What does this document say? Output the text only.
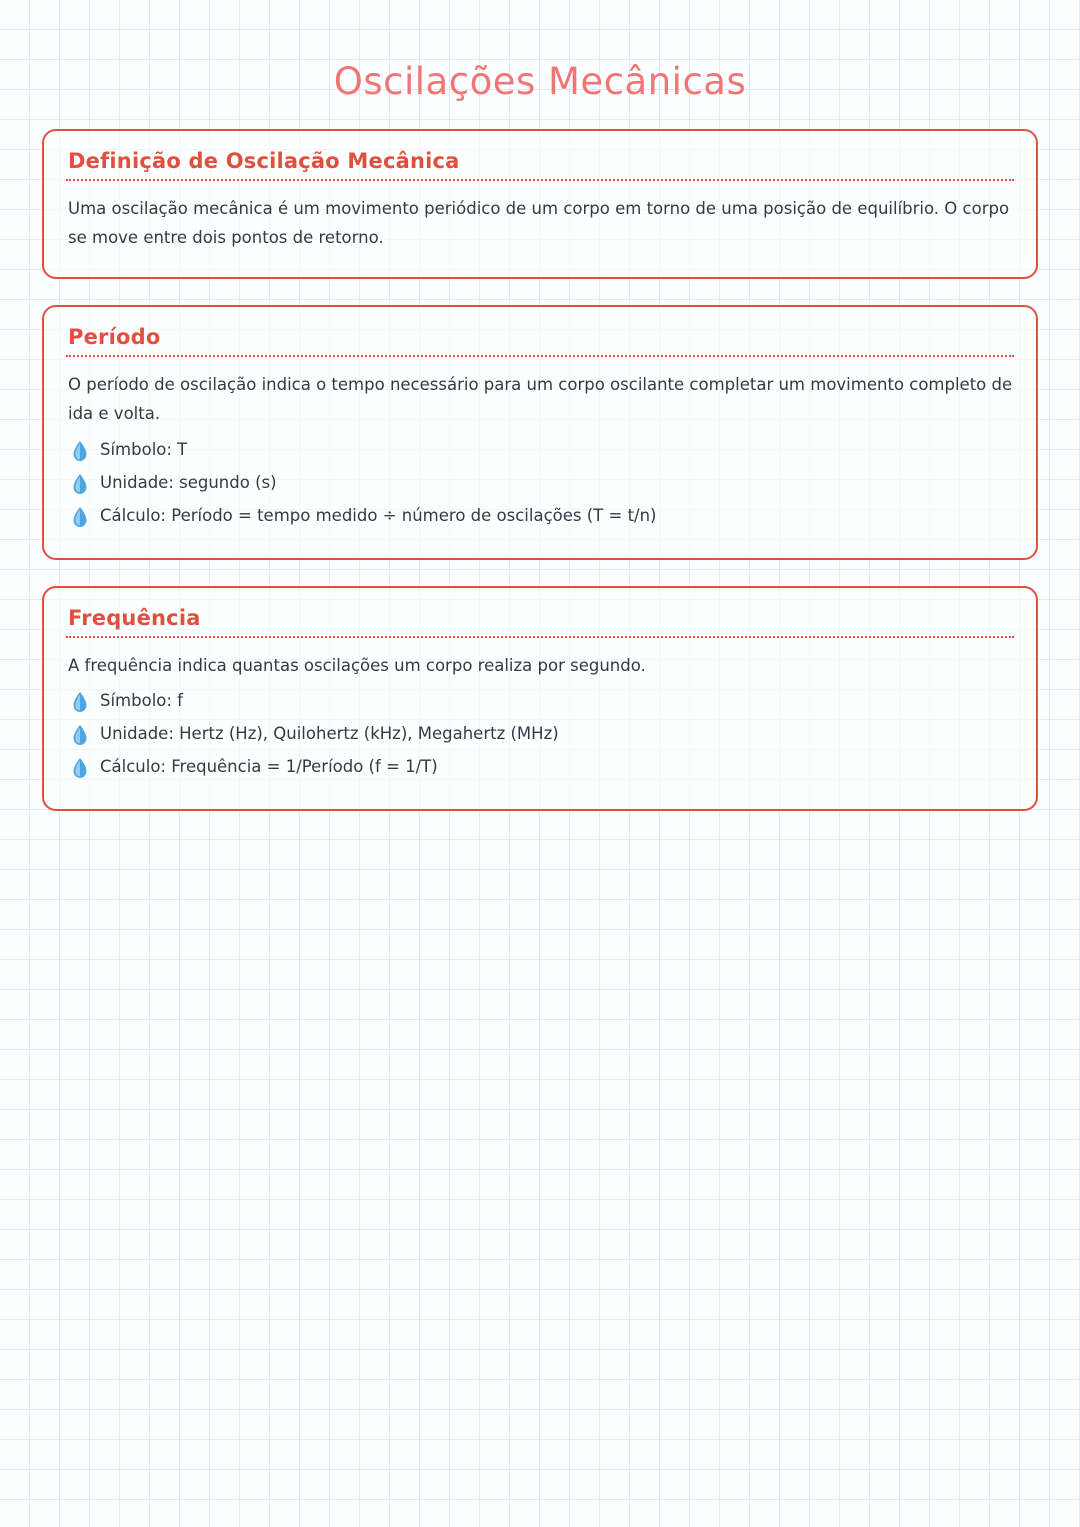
Oscilações Mecânicas
Definição de Oscilação Mecânica

Uma oscilação mecânica é um movimento periódico de um corpo em torno de uma posição de equilíbrio. O corpo se move entre dois pontos de retorno.

Período

O período de oscilação indica o tempo necessário para um corpo oscilante completar um movimento completo de ida e volta.

Símbolo: T
Unidade: segundo (s)
Cálculo: Período = tempo medido ÷ número de oscilações (T = t/n)
Frequência

A frequência indica quantas oscilações um corpo realiza por segundo.

Símbolo: f
Unidade: Hertz (Hz), Quilohertz (kHz), Megahertz (MHz)
Cálculo: Frequência = 1/Período (f = 1/T)
